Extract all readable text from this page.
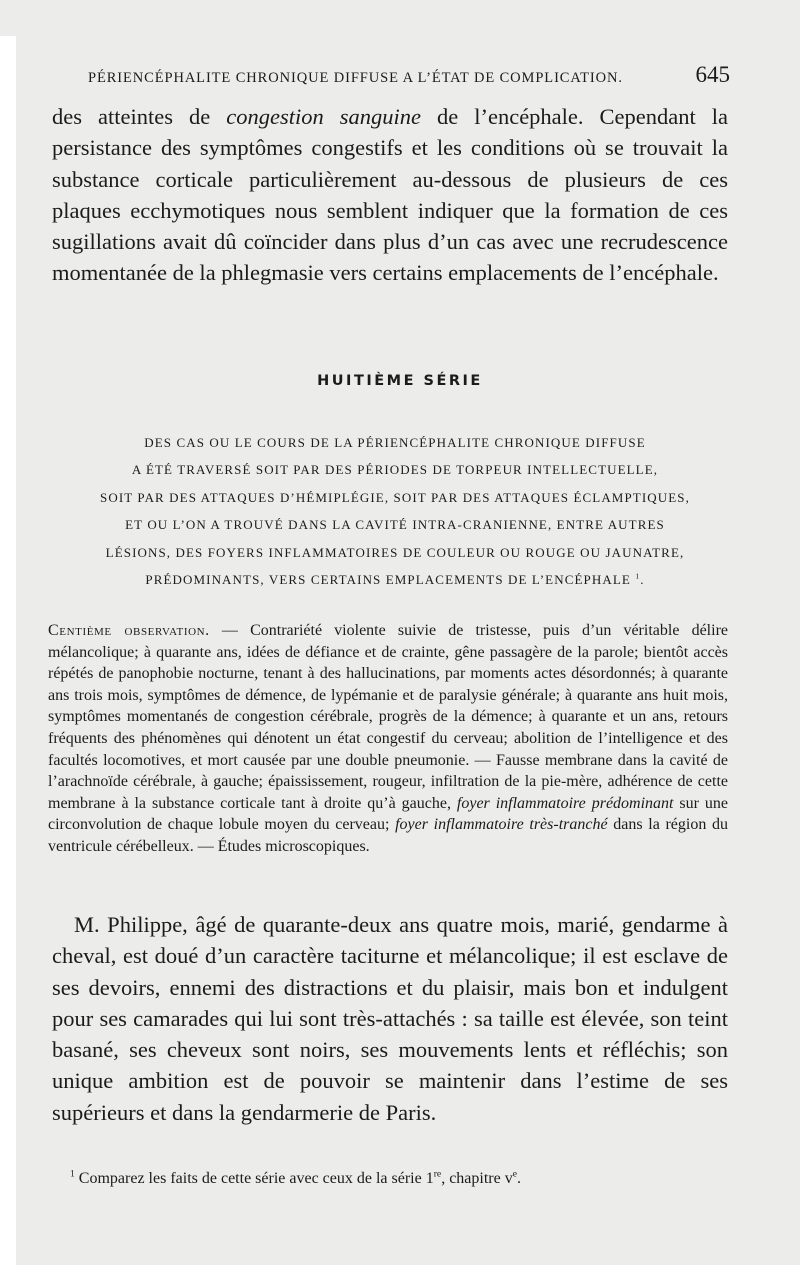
PÉRIENCÉPHALITE CHRONIQUE DIFFUSE A L’ÉTAT DE COMPLICATION.	645

des atteintes de congestion sanguine de l’encéphale. Cependant la persistance des symptômes congestifs et les conditions où se trouvait la substance corticale particulièrement au-dessous de plusieurs de ces plaques ecchymotiques nous semblent indiquer que la formation de ces sugillations avait dû coïncider dans plus d’un cas avec une recrudescence momentanée de la phlegmasie vers certains emplacements de l’encéphale.

HUITIÈME SÉRIE
DES CAS OU LE COURS DE LA PÉRIENCÉPHALITE CHRONIQUE DIFFUSE
A ÉTÉ TRAVERSÉ SOIT PAR DES PÉRIODES DE TORPEUR INTELLECTUELLE,
SOIT PAR DES ATTAQUES D’HÉMIPLÉGIE, SOIT PAR DES ATTAQUES ÉCLAMPTIQUES,
ET OU L’ON A TROUVÉ DANS LA CAVITÉ INTRA-CRANIENNE, ENTRE AUTRES
LÉSIONS, DES FOYERS INFLAMMATOIRES DE COULEUR OU ROUGE OU JAUNATRE,
PRÉDOMINANTS, VERS CERTAINS EMPLACEMENTS DE L’ENCÉPHALE $^1$.

Centième observation. — Contrariété violente suivie de tristesse, puis d’un véritable délire mélancolique; à quarante ans, idées de défiance et de crainte, gêne passagère de la parole; bientôt accès répétés de panophobie nocturne, tenant à des hallucinations, par moments actes désordonnés; à quarante ans trois mois, symptômes de démence, de lypémanie et de paralysie générale; à quarante ans huit mois, symptômes momentanés de congestion cérébrale, progrès de la démence; à quarante et un ans, retours fréquents des phénomènes qui dénotent un état congestif du cerveau; abolition de l’intelligence et des facultés locomotives, et mort causée par une double pneumonie. — Fausse membrane dans la cavité de l’arachnoïde cérébrale, à gauche; épaississement, rougeur, infiltration de la pie-mère, adhérence de cette membrane à la substance corticale tant à droite qu’à gauche, foyer inflammatoire prédominant sur une circonvolution de chaque lobule moyen du cerveau; foyer inflammatoire très-tranché dans la région du ventricule cérébelleux. — Études microscopiques.

M. Philippe, âgé de quarante-deux ans quatre mois, marié, gendarme à cheval, est doué d’un caractère taciturne et mélancolique; il est esclave de ses devoirs, ennemi des distractions et du plaisir, mais bon et indulgent pour ses camarades qui lui sont très-attachés : sa taille est élevée, son teint basané, ses cheveux sont noirs, ses mouvements lents et réfléchis; son unique ambition est de pouvoir se maintenir dans l’estime de ses supérieurs et dans la gendarmerie de Paris.

$^1$ Comparez les faits de cette série avec ceux de la série 1re, chapitre $v^e$.
